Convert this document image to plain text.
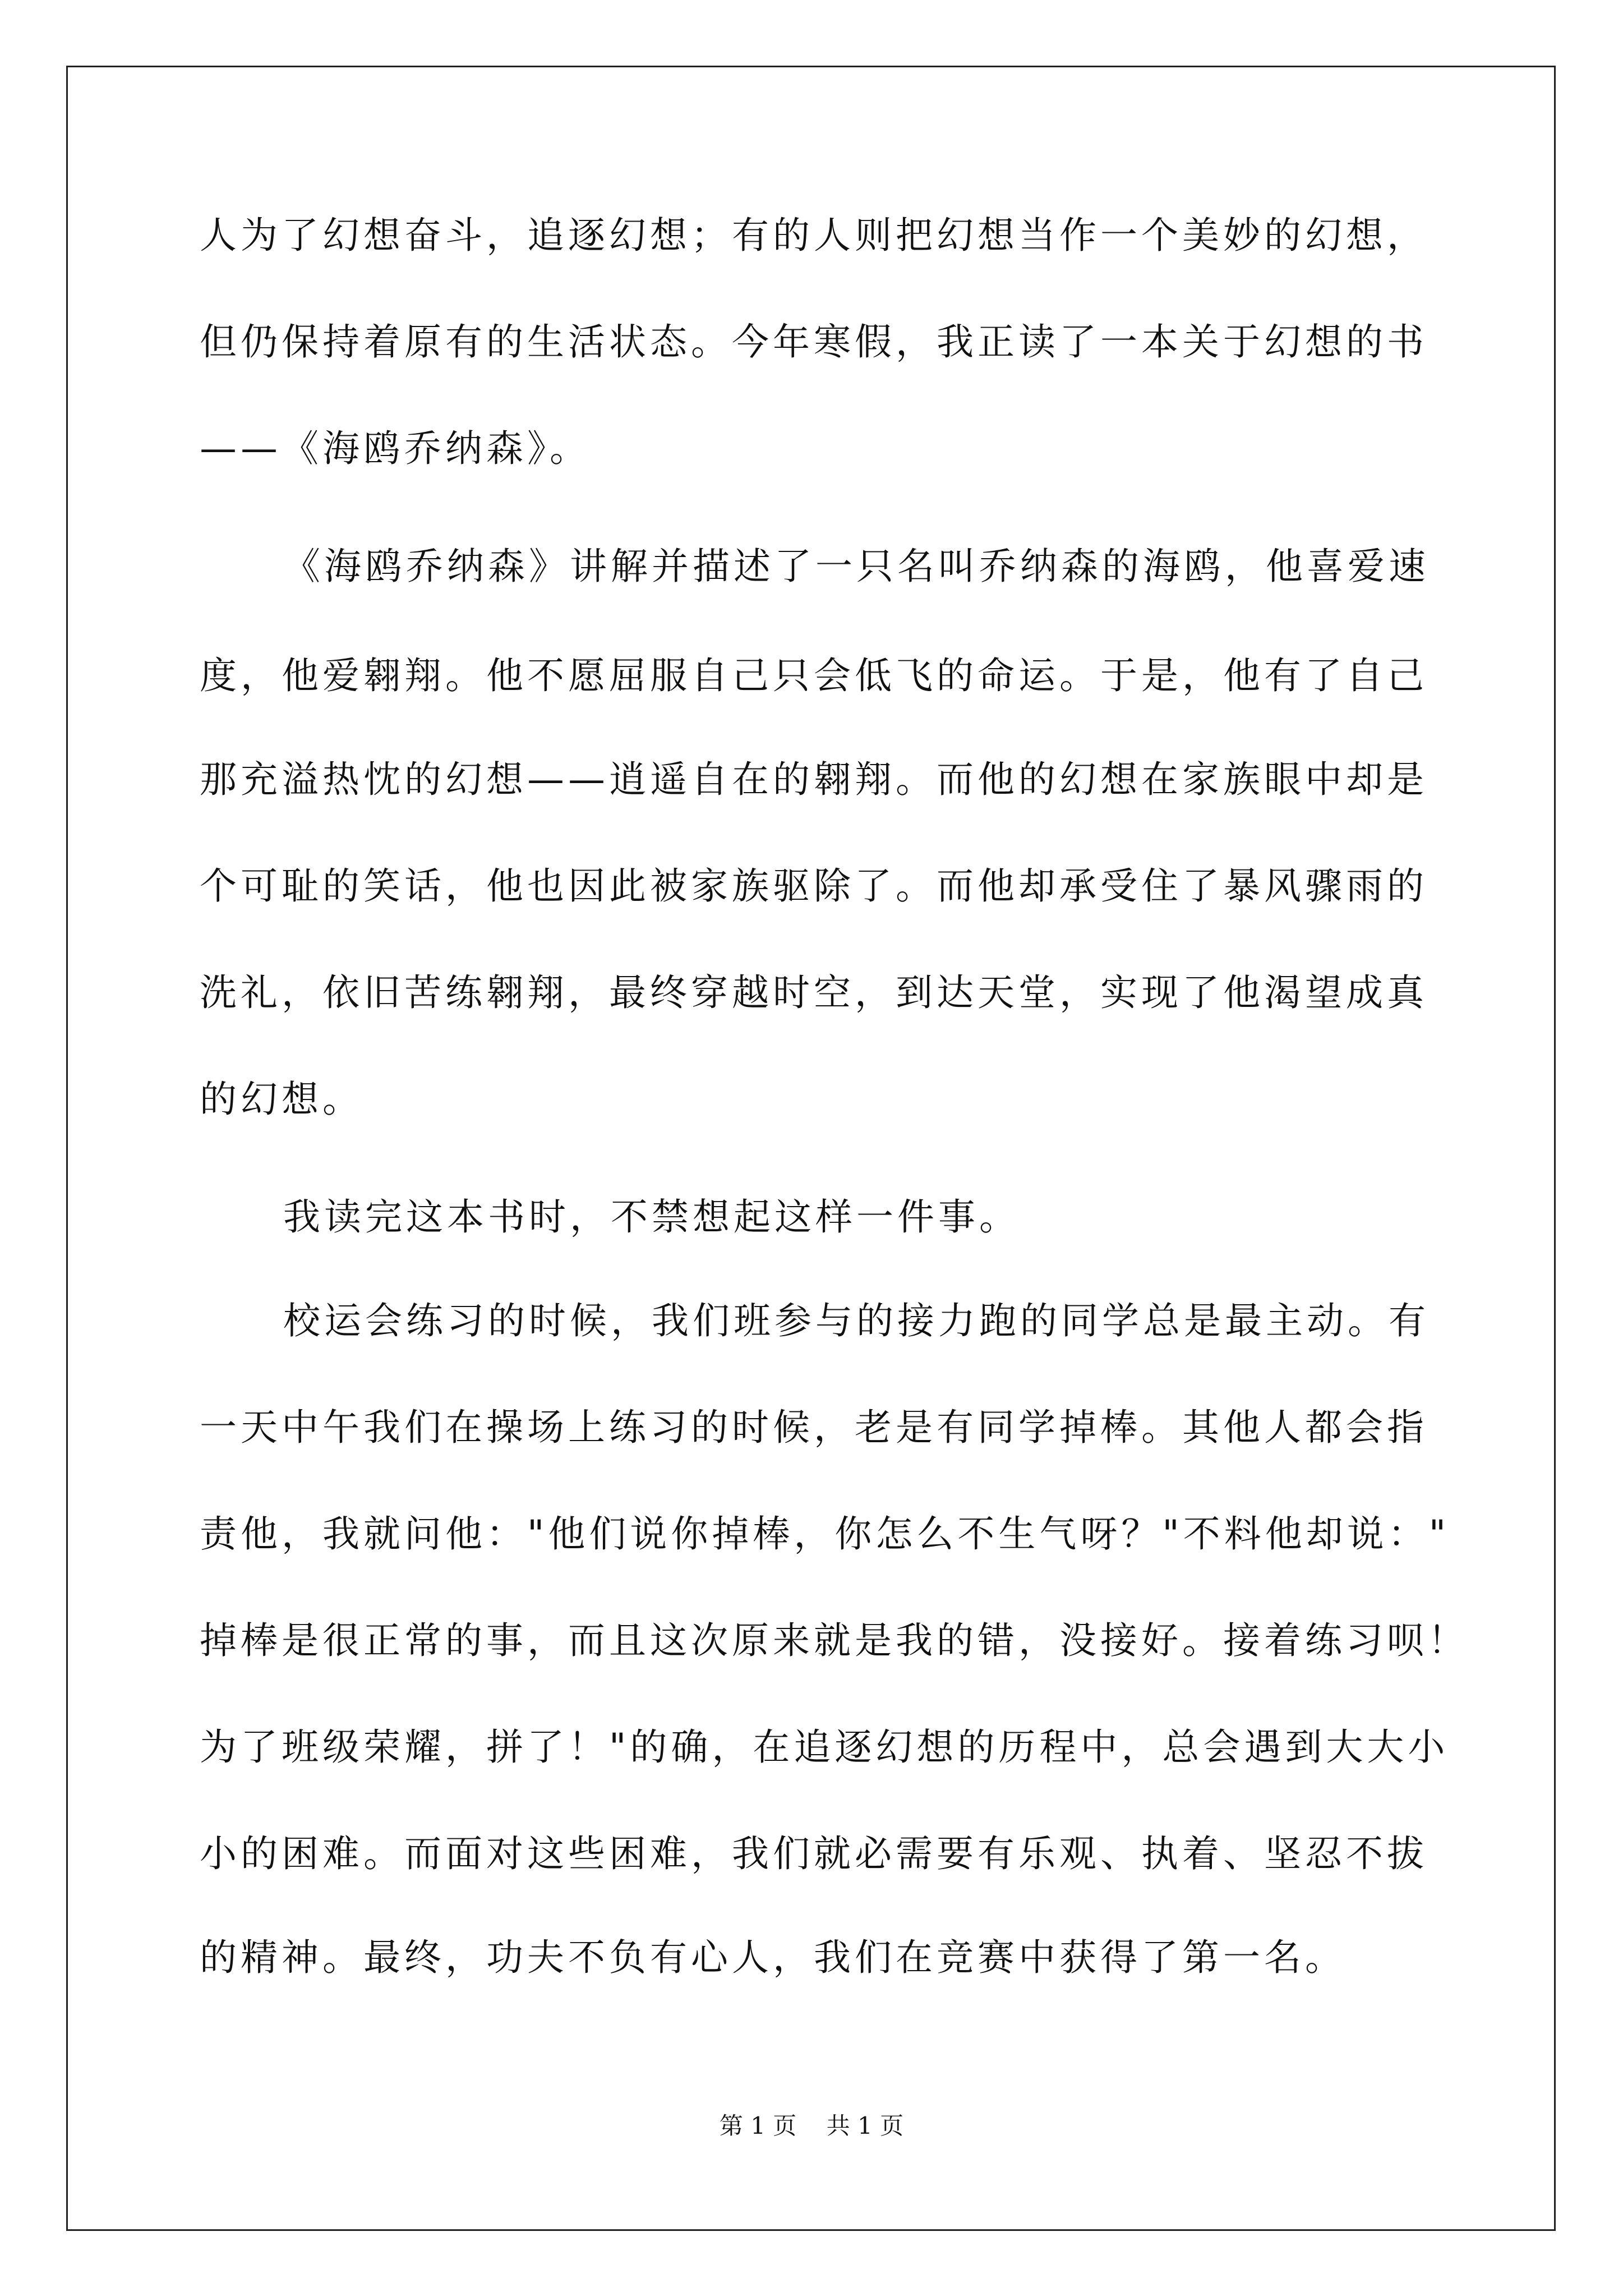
人为了幻想奋斗，追逐幻想；有的人则把幻想当作一个美妙的幻想，
但仍保持着原有的生活状态。今年寒假，我正读了一本关于幻想的书
——《海鸥乔纳森》。
《海鸥乔纳森》讲解并描述了一只名叫乔纳森的海鸥，他喜爱速
度，他爱翱翔。他不愿屈服自己只会低飞的命运。于是，他有了自己
那充溢热忱的幻想——逍遥自在的翱翔。而他的幻想在家族眼中却是
个可耻的笑话，他也因此被家族驱除了。而他却承受住了暴风骤雨的
洗礼，依旧苦练翱翔，最终穿越时空，到达天堂，实现了他渴望成真
的幻想。
我读完这本书时，不禁想起这样一件事。
校运会练习的时候，我们班参与的接力跑的同学总是最主动。有
一天中午我们在操场上练习的时候，老是有同学掉棒。其他人都会指
责他，我就问他："他们说你掉棒，你怎么不生气呀？"不料他却说："
掉棒是很正常的事，而且这次原来就是我的错，没接好。接着练习呗！
为了班级荣耀，拼了！"的确，在追逐幻想的历程中，总会遇到大大小
小的困难。而面对这些困难，我们就必需要有乐观、执着、坚忍不拔
的精神。最终，功夫不负有心人，我们在竞赛中获得了第一名。
第 1 页 共 1 页
